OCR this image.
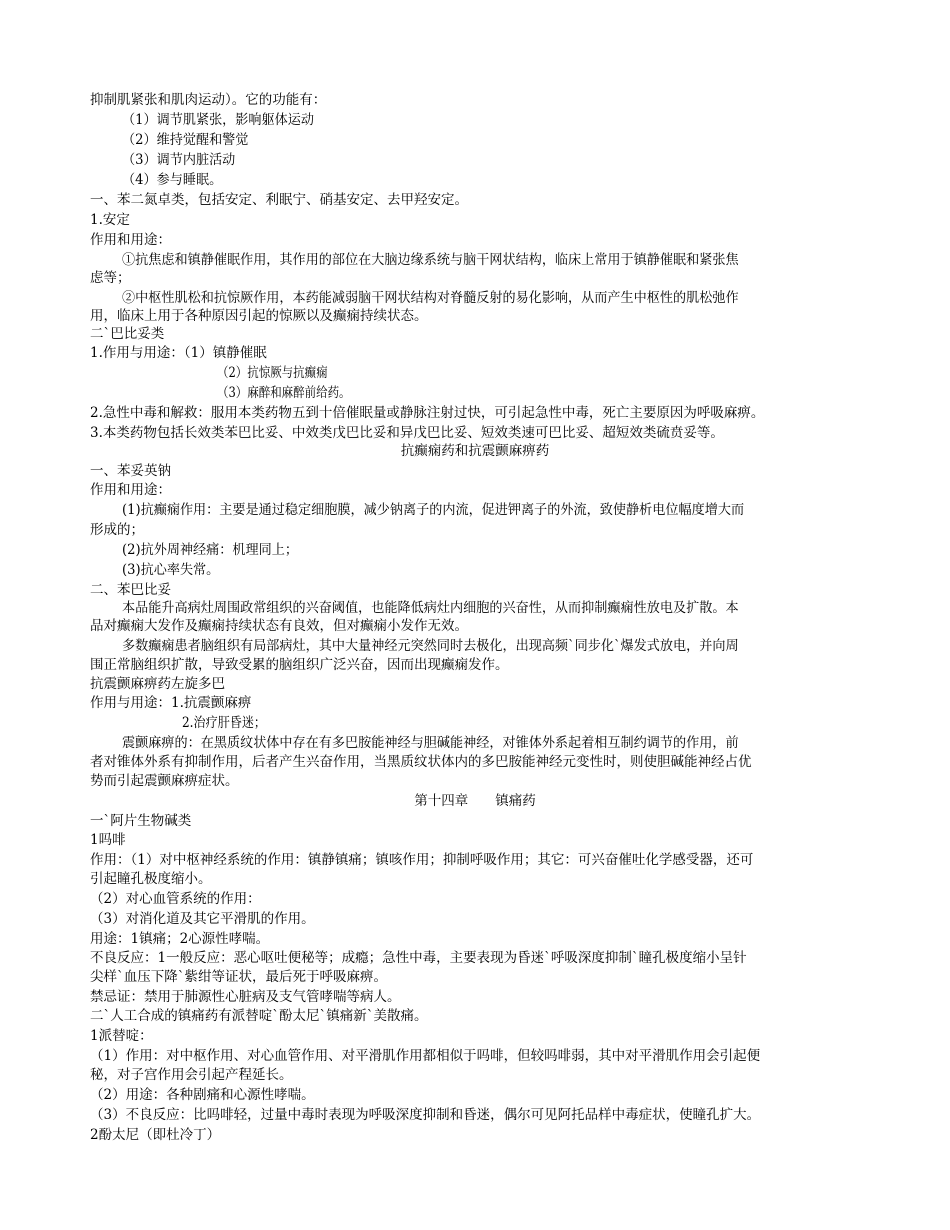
抑制肌紧张和肌肉运动）。它的功能有：
（1）调节肌紧张，影响躯体运动
（2）维持觉醒和警觉
（3）调节内脏活动
（4）参与睡眠。
一、苯二氮卓类，包括安定、利眠宁、硝基安定、去甲羟安定。
1.安定
作用和用途：
①抗焦虑和镇静催眠作用，其作用的部位在大脑边缘系统与脑干网状结构，临床上常用于镇静催眠和紧张焦
虑等；
②中枢性肌松和抗惊厥作用，本药能减弱脑干网状结构对脊髓反射的易化影响，从而产生中枢性的肌松弛作
用，临床上用于各种原因引起的惊厥以及癫痫持续状态。
二`巴比妥类
1.作用与用途：（1）镇静催眠
（2）抗惊厥与抗癫痫
（3）麻醉和麻醉前给药。
2.急性中毒和解救：服用本类药物五到十倍催眠量或静脉注射过快，可引起急性中毒，死亡主要原因为呼吸麻痹。
3.本类药物包括长效类苯巴比妥、中效类戊巴比妥和异戊巴比妥、短效类速可巴比妥、超短效类硫贲妥等。
抗癫痫药和抗震颤麻痹药
一、苯妥英钠
作用和用途：
(1)抗癫痫作用：主要是通过稳定细胞膜，减少钠离子的内流，促进钾离子的外流，致使静析电位幅度增大而
形成的；
(2)抗外周神经痛：机理同上；
(3)抗心率失常。
二、苯巴比妥
本品能升高病灶周围政常组织的兴奋阈值，也能降低病灶内细胞的兴奋性，从而抑制癫痫性放电及扩散。本
品对癫痫大发作及癫痫持续状态有良效，但对癫痫小发作无效。
多数癫痫患者脑组织有局部病灶，其中大量神经元突然同时去极化，出现高频`同步化`爆发式放电，并向周
围正常脑组织扩散，导致受累的脑组织广泛兴奋，因而出现癫痫发作。
抗震颤麻痹药左旋多巴
作用与用途：1.抗震颤麻痹
2.治疗肝昏迷；
震颤麻痹的：在黑质纹状体中存在有多巴胺能神经与胆碱能神经，对锥体外系起着相互制约调节的作用，前
者对锥体外系有抑制作用，后者产生兴奋作用，当黑质纹状体内的多巴胺能神经元变性时，则使胆碱能神经占优
势而引起震颤麻痹症状。
第十四章　　镇痛药
一`阿片生物碱类
1吗啡
作用：（1）对中枢神经系统的作用：镇静镇痛；镇咳作用；抑制呼吸作用；其它：可兴奋催吐化学感受器，还可
引起瞳孔极度缩小。
（2）对心血管系统的作用：
（3）对消化道及其它平滑肌的作用。
用途：1镇痛；2心源性哮喘。
不良反应：1一般反应：恶心呕吐便秘等；成瘾；急性中毒，主要表现为昏迷`呼吸深度抑制`瞳孔极度缩小呈针
尖样`血压下降`紫绀等证状，最后死于呼吸麻痹。
禁忌证：禁用于肺源性心脏病及支气管哮喘等病人。
二`人工合成的镇痛药有派替啶`酚太尼`镇痛新`美散痛。
1派替啶：
（1）作用：对中枢作用、对心血管作用、对平滑肌作用都相似于吗啡，但较吗啡弱，其中对平滑肌作用会引起便
秘，对子宫作用会引起产程延长。
（2）用途：各种剧痛和心源性哮喘。
（3）不良反应：比吗啡轻，过量中毒时表现为呼吸深度抑制和昏迷，偶尔可见阿托品样中毒症状，使瞳孔扩大。
2酚太尼（即杜冷丁）
